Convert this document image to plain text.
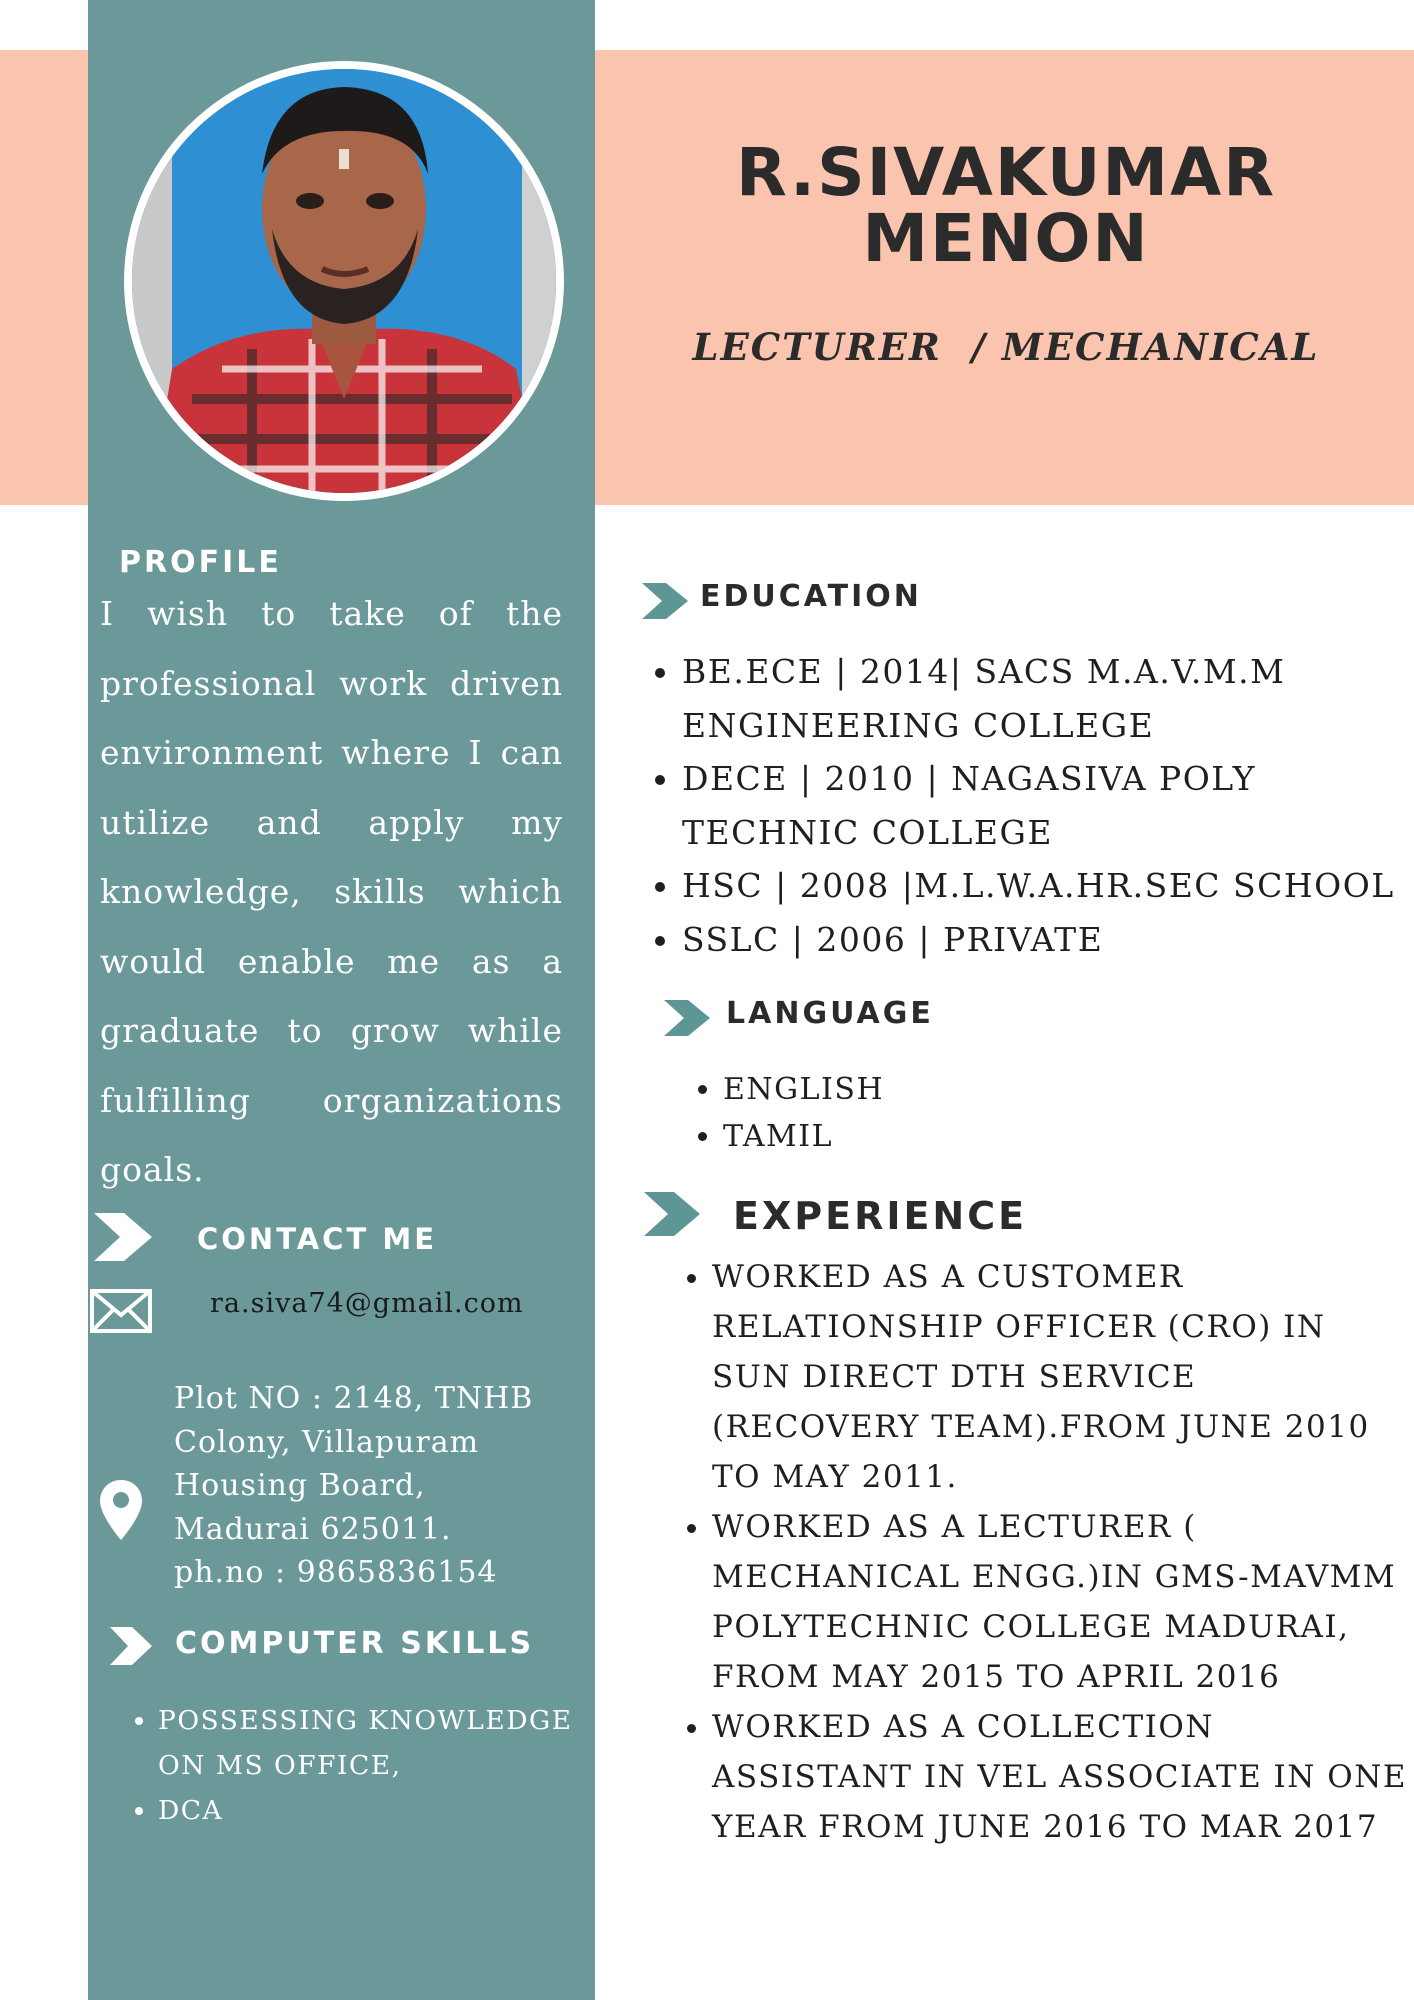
R.SIVAKUMAR
MENON
LECTURER  / MECHANICAL
PROFILE
I wish to take of the professional work driven environment where I can utilize and apply my knowledge, skills which would enable me as a graduate to grow while fulfilling organizations goals.
CONTACT ME
ra.siva74@gmail.com
Plot NO : 2148, TNHB
Colony, Villapuram
Housing Board,
Madurai 625011.
ph.no : 9865836154
COMPUTER SKILLS
• POSSESSING KNOWLEDGE ON MS OFFICE,
• DCA
EDUCATION
• BE.ECE | 2014| SACS M.A.V.M.M ENGINEERING COLLEGE
• DECE | 2010 | NAGASIVA POLY TECHNIC COLLEGE
• HSC | 2008 |M.L.W.A.HR.SEC SCHOOL
• SSLC | 2006 | PRIVATE
LANGUAGE
• ENGLISH
• TAMIL
EXPERIENCE
• WORKED AS A CUSTOMER RELATIONSHIP OFFICER (CRO) IN SUN DIRECT DTH SERVICE (RECOVERY TEAM).FROM JUNE 2010 TO MAY 2011.
• WORKED AS A LECTURER ( MECHANICAL ENGG.)IN GMS-MAVMM POLYTECHNIC COLLEGE MADURAI, FROM MAY 2015 TO APRIL 2016
• WORKED AS A COLLECTION ASSISTANT IN VEL ASSOCIATE IN ONE YEAR FROM JUNE 2016 TO MAR 2017
